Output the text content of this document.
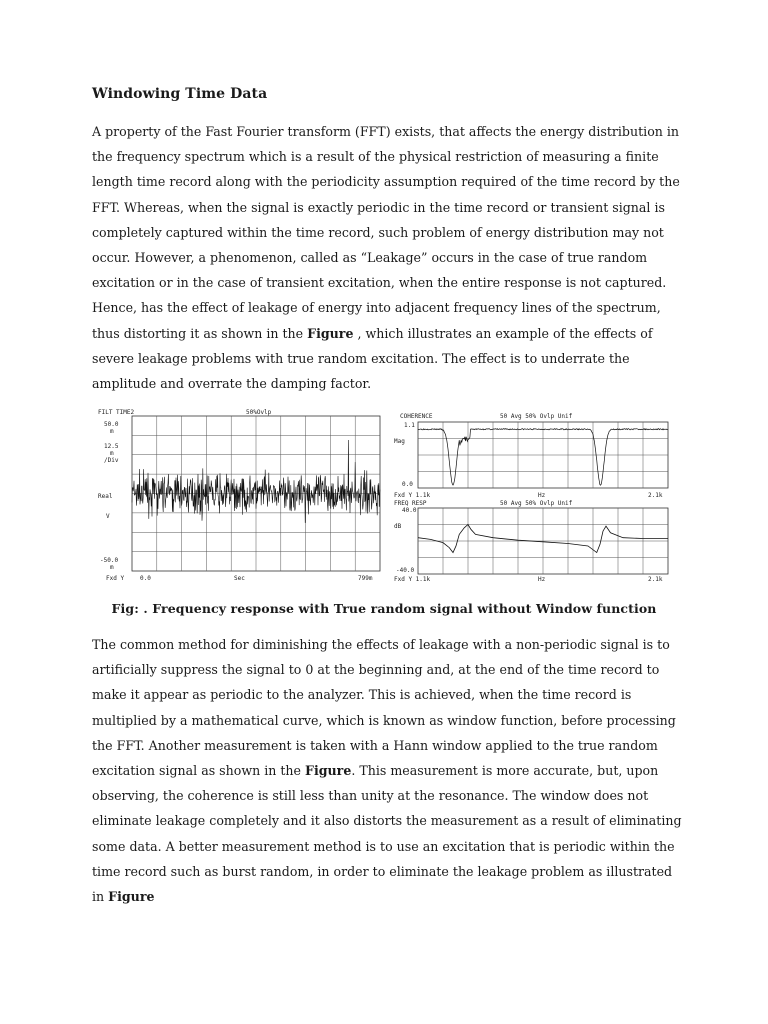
Windowing Time Data
A property of the Fast Fourier transform (FFT) exists, that affects the energy distribution in the frequency spectrum which is a result of the physical restriction of measuring a finite length time record along with the periodicity assumption required of the time record by the FFT. Whereas, when the signal is exactly periodic in the time record or transient signal is completely captured within the time record, such problem of energy distribution may not occur. However, a phenomenon, called as “Leakage” occurs in the case of true random excitation or in the case of transient excitation, when the entire response is not captured. Hence, has the effect of leakage of energy into adjacent frequency lines of the spectrum, thus distorting it as shown in the Figure , which illustrates an example of the effects of severe leakage problems with true random excitation. The effect is to underrate the amplitude and overrate the damping factor.
FILT TIME2	50%Ovlp
50.0
m
12.5
m
/Div
Real
V
-50.0
m
Fxd Y	0.0	Sec	799m
COHERENCE	50 Avg 50% Ovlp Unif
1.1
Mag
0.0
Fxd Y 1.1k	Hz	2.1k
FREQ RESP	50 Avg 50% Ovlp Unif
40.0
dB
-40.0
Fxd Y 1.1k	Hz	2.1k
Fig: . Frequency response with True random signal without Window function
The common method for diminishing the effects of leakage with a non-periodic signal is to artificially suppress the signal to 0 at the beginning and, at the end of the time record to make it appear as periodic to the analyzer. This is achieved, when the time record is multiplied by a mathematical curve, which is known as window function, before processing the FFT. Another measurement is taken with a Hann window applied to the true random excitation signal as shown in the Figure. This measurement is more accurate, but, upon observing, the coherence is still less than unity at the resonance. The window does not eliminate leakage completely and it also distorts the measurement as a result of eliminating some data. A better measurement method is to use an excitation that is periodic within the time record such as burst random, in order to eliminate the leakage problem as illustrated in Figure
